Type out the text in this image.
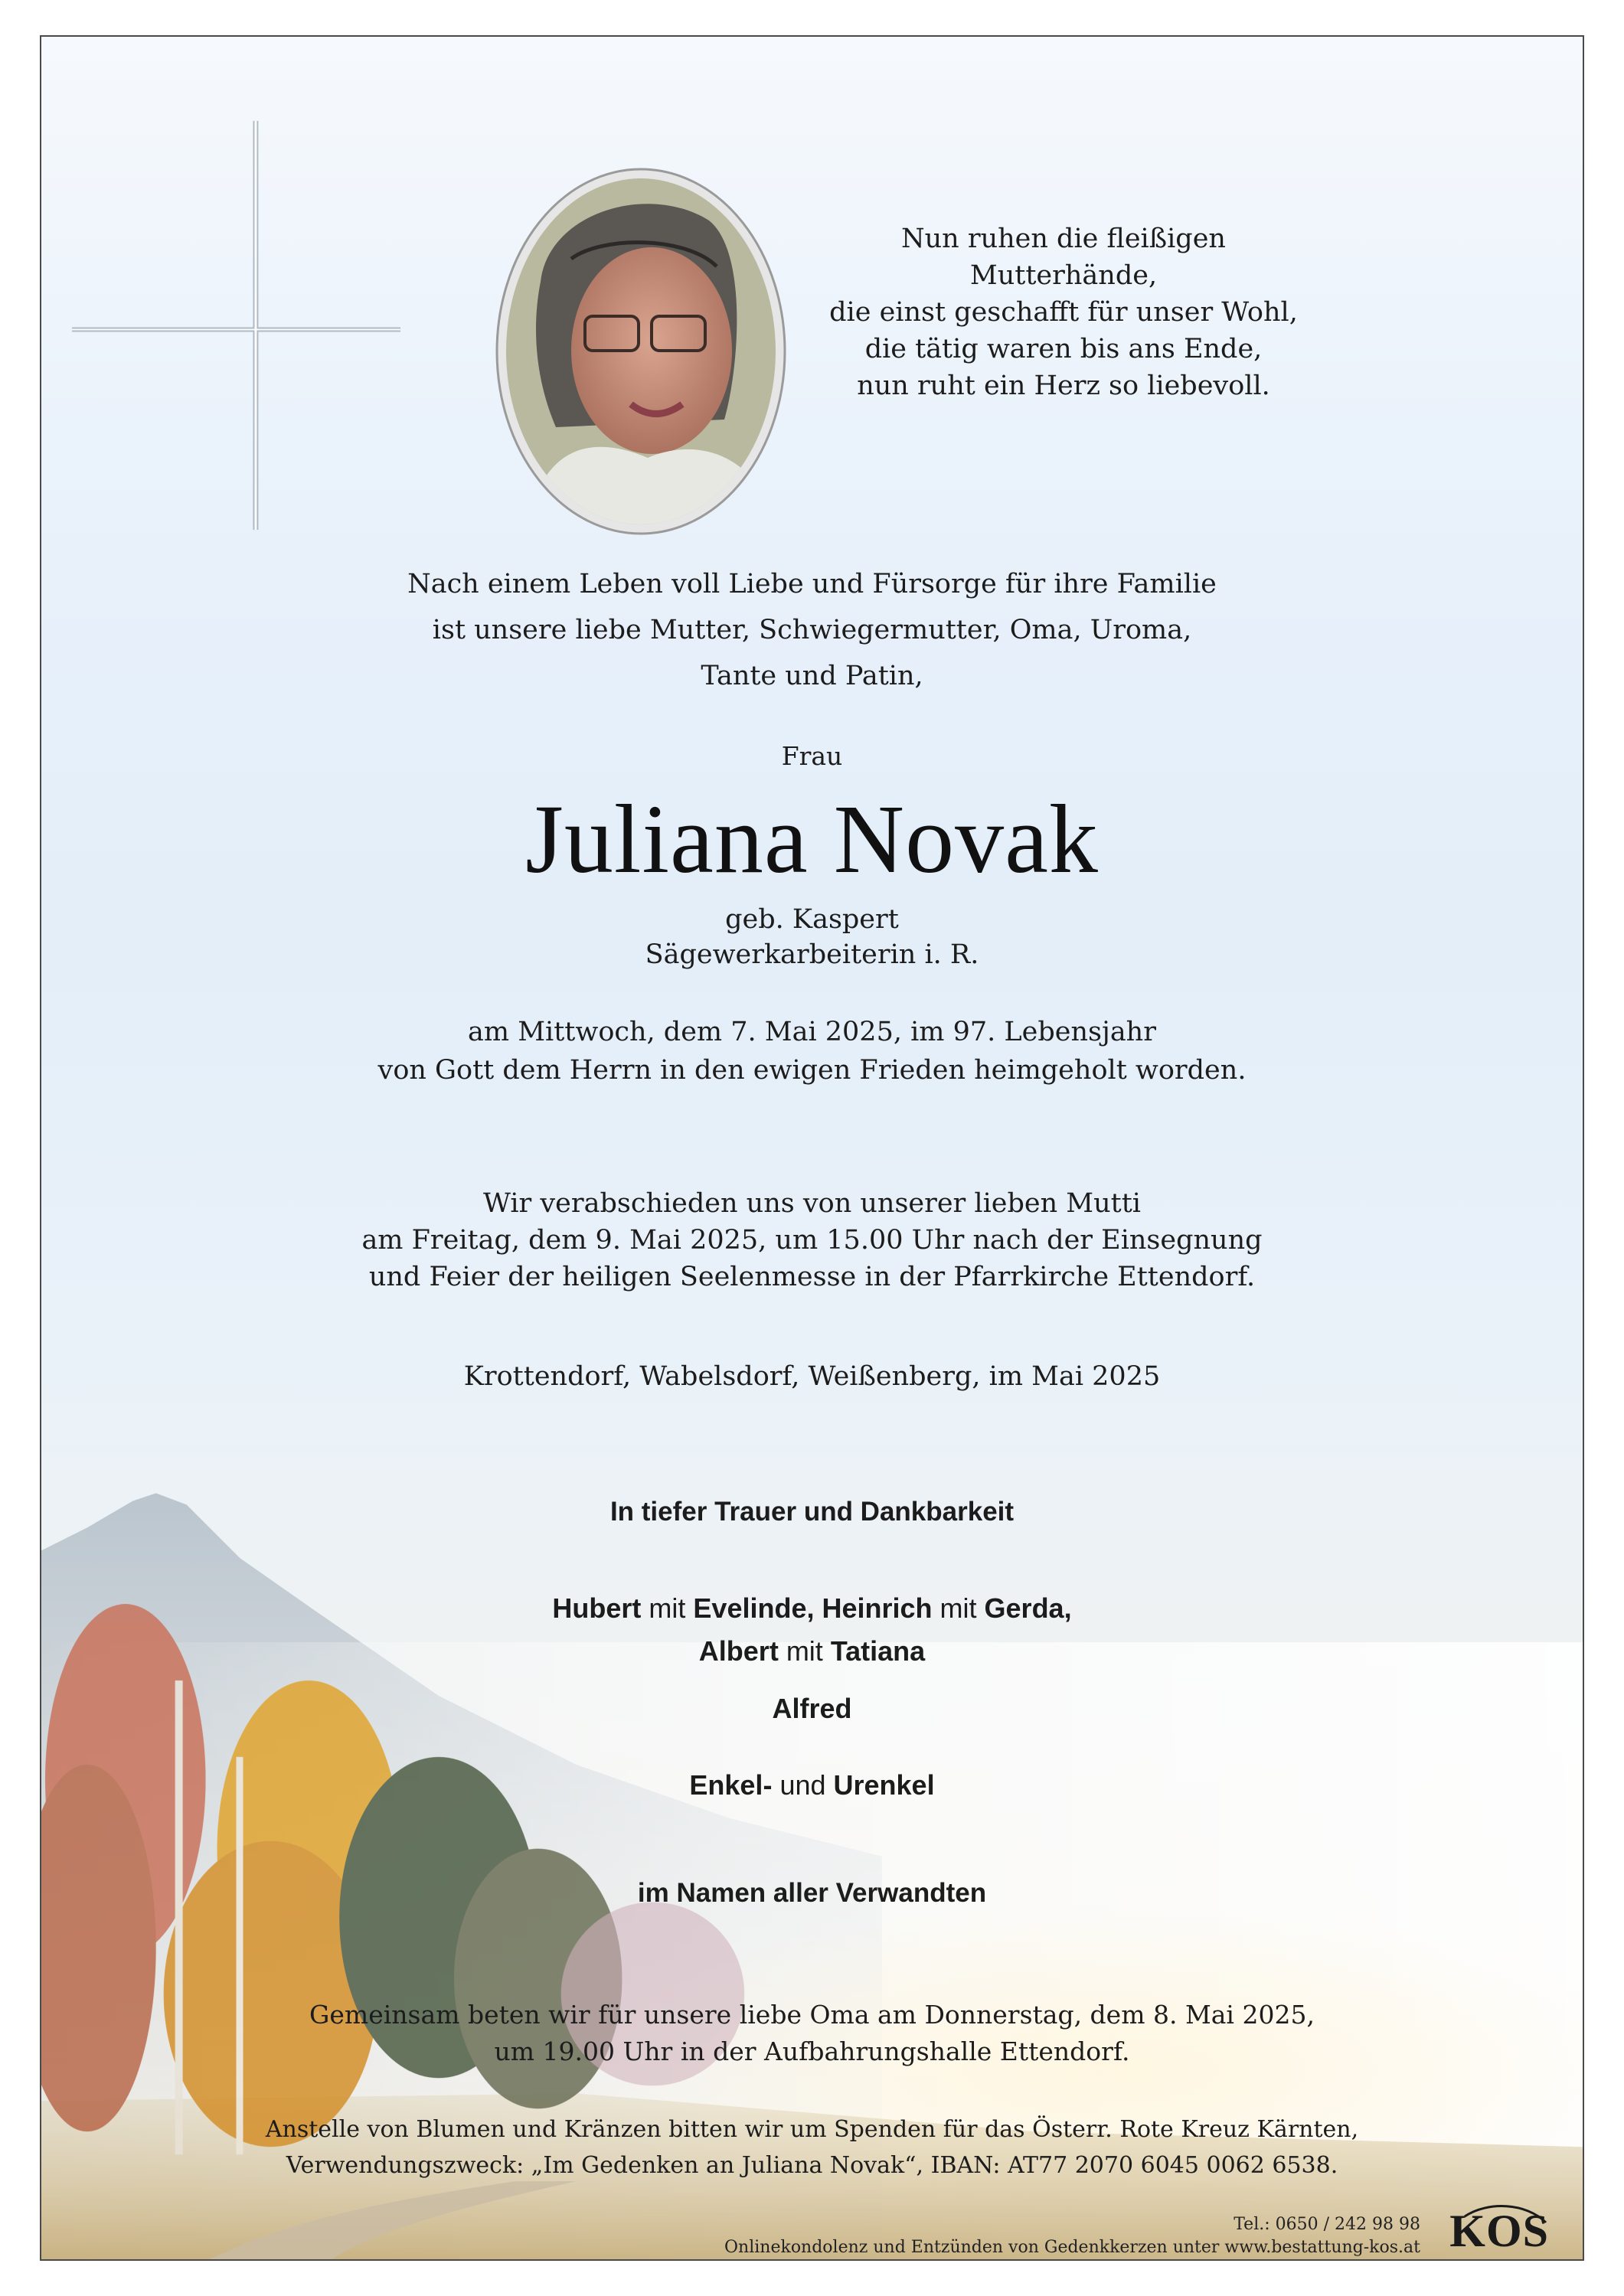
Nun ruhen die fleißigen Mutterhände,
die einst geschafft für unser Wohl,
die tätig waren bis ans Ende,
nun ruht ein Herz so liebevoll.
Nach einem Leben voll Liebe und Fürsorge für ihre Familie
ist unsere liebe Mutter, Schwiegermutter, Oma, Uroma,
Tante und Patin,
Frau
Juliana Novak
geb. Kaspert
Sägewerkarbeiterin i. R.
am Mittwoch, dem 7. Mai 2025, im 97. Lebensjahr
von Gott dem Herrn in den ewigen Frieden heimgeholt worden.
Wir verabschieden uns von unserer lieben Mutti
am Freitag, dem 9. Mai 2025, um 15.00 Uhr nach der Einsegnung
und Feier der heiligen Seelenmesse in der Pfarrkirche Ettendorf.
Krottendorf, Wabelsdorf, Weißenberg, im Mai 2025
In tiefer Trauer und Dankbarkeit
Hubert mit Evelinde, Heinrich mit Gerda,
Albert mit Tatiana
Alfred
Enkel- und Urenkel
im Namen aller Verwandten
Gemeinsam beten wir für unsere liebe Oma am Donnerstag, dem 8. Mai 2025,
um 19.00 Uhr in der Aufbahrungshalle Ettendorf.
Anstelle von Blumen und Kränzen bitten wir um Spenden für das Österr. Rote Kreuz Kärnten,
Verwendungszweck: „Im Gedenken an Juliana Novak“, IBAN: AT77 2070 6045 0062 6538.
Tel.: 0650 / 242 98 98
Onlinekondolenz und Entzünden von Gedenkkerzen unter www.bestattung-kos.at KOS
